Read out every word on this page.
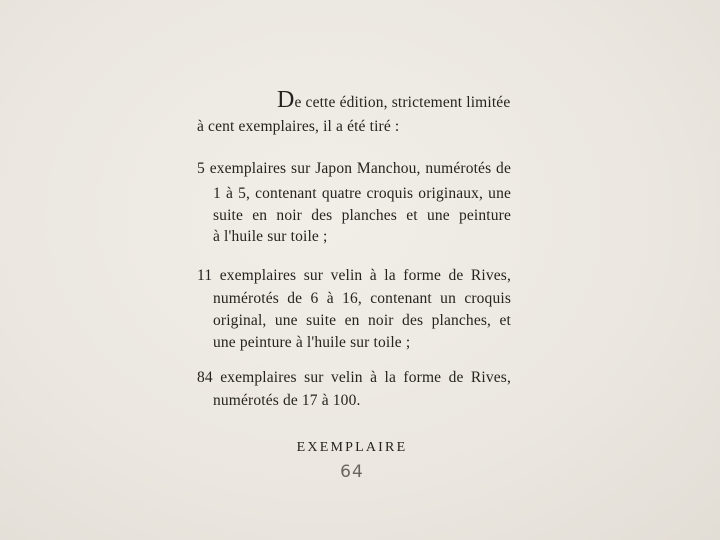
De cette édition, strictement limitée
à cent exemplaires, il a été tiré :
5 exemplaires sur Japon Manchou, numérotés de
1 à 5, contenant quatre croquis originaux, une
suite en noir des planches et une peinture
à l'huile sur toile ;
11 exemplaires sur velin à la forme de Rives,
numérotés de 6 à 16, contenant un croquis
original, une suite en noir des planches, et
une peinture à l'huile sur toile ;
84 exemplaires sur velin à la forme de Rives,
numérotés de 17 à 100.
EXEMPLAIRE
64
